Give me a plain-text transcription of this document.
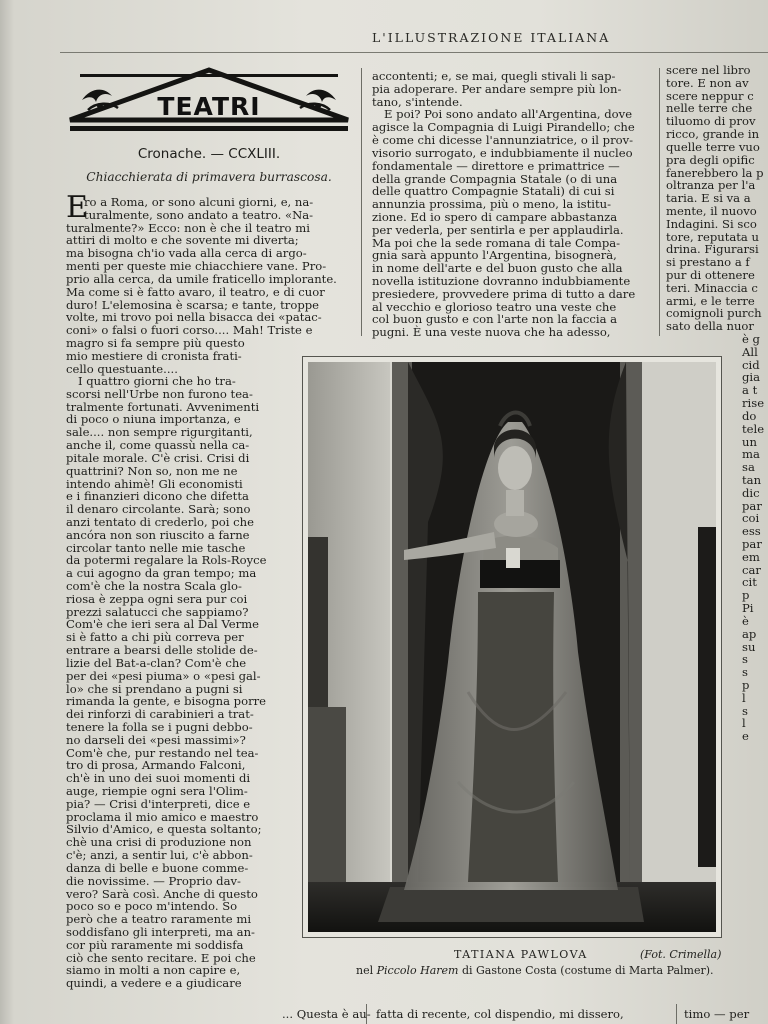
L'ILLUSTRAZIONE ITALIANA
TEATRI
Cronache. — CCXLIII.
Chiacchierata di primavera burrascosa.
E
ro a Roma, or sono alcuni giorni, e, na-
turalmente, sono andato a teatro. «Na-
turalmente?» Ecco: non è che il teatro mi
attiri di molto e che sovente mi diverta;
ma bisogna ch'io vada alla cerca di argo-
menti per queste mie chiacchiere vane. Pro-
prio alla cerca, da umile fraticello implorante.
Ma come si è fatto avaro, il teatro, e di cuor
duro! L'elemosina è scarsa; e tante, troppe
volte, mi trovo poi nella bisacca dei «patac-
coni» o falsi o fuori corso.... Mah! Triste e
magro si fa sempre più questo
mio mestiere di cronista frati-
cello questuante....
I quattro giorni che ho tra-
scorsi nell'Urbe non furono tea-
tralmente fortunati. Avvenimenti
di poco o niuna importanza, e
sale.... non sempre rigurgitanti,
anche il, come quassù nella ca-
pitale morale. C'è crisi. Crisi di
quattrini? Non so, non me ne
intendo ahimè! Gli economisti
e i finanzieri dicono che difetta
il denaro circolante. Sarà; sono
anzi tentato di crederlo, poi che
ancóra non son riuscito a farne
circolar tanto nelle mie tasche
da potermi regalare la Rols-Royce
a cui agogno da gran tempo; ma
com'è che la nostra Scala glo-
riosa è zeppa ogni sera pur coi
prezzi salatucci che sappiamo?
Com'è che ieri sera al Dal Verme
si è fatto a chi più correva per
entrare a bearsi delle stolide de-
lizie del Bat-a-clan? Com'è che
per dei «pesi piuma» o «pesi gal-
lo» che si prendano a pugni si
rimanda la gente, e bisogna porre
dei rinforzi di carabinieri a trat-
tenere la folla se i pugni debbo-
no darseli dei «pesi massimi»?
Com'è che, pur restando nel tea-
tro di prosa, Armando Falconi,
ch'è in uno dei suoi momenti di
auge, riempie ogni sera l'Olim-
pia? — Crisi d'interpreti, dice e
proclama il mio amico e maestro
Silvio d'Amico, e questa soltanto;
chè una crisi di produzione non
c'è; anzi, a sentir lui, c'è abbon-
danza di belle e buone comme-
die novissime. — Proprio dav-
vero? Sarà così. Anche di questo
poco so e poco m'intendo. So
però che a teatro raramente mi
soddisfano gli interpreti, ma an-
cor più raramente mi soddisfa
ciò che sento recitare. E poi che
siamo in molti a non capire e,
quindi, a vedere e a giudicare
... Questa è au-
accontenti; e, se mai, quegli stivali li sap-
pia adoperare. Per andare sempre più lon-
tano, s'intende.
E poi? Poi sono andato all'Argentina, dove
agisce la Compagnia di Luigi Pirandello; che
è come chi dicesse l'annunziatrice, o il prov-
visorio surrogato, e indubbiamente il nucleo
fondamentale — direttore e primattrice —
della grande Compagnia Statale (o di una
delle quattro Compagnie Statali) di cui si
annunzia prossima, più o meno, la istitu-
zione. Ed io spero di campare abbastanza
per vederla, per sentirla e per applaudirla.
Ma poi che la sede romana di tale Compa-
gnia sarà appunto l'Argentina, bisognerà,
in nome dell'arte e del buon gusto che alla
novella istituzione dovranno indubbiamente
presiedere, provvedere prima di tutto a dare
al vecchio e glorioso teatro una veste che
col buon gusto e con l'arte non la faccia a
pugni. È una veste nuova che ha adesso,
fatta di recente, col dispendio, mi dissero,
scere nel libro
tore. E non av
scere neppur c
nelle terre che
tiluomo di prov
ricco, grande in
quelle terre vuo
pra degli opific
fanerebbero la p
oltranza per l'a
taria. E si va a
mente, il nuovo
Indagini. Si sco
tore, reputata u
drina. Figurarsi
si prestano a f
pur di ottenere
teri. Minaccia c
armi, e le terre
comignoli purch
sato della nuor
è g
All
cid
gia
a t
rise
do
tele
un
ma
sa
tan
dic
par
coi
ess
par
em
car
cit
p
Pi
è
ap
su
s
s
p
l
s
l
e
timo — per
TATIANA PAWLOVA	(Fot. Crimella)
nel Piccolo Harem di Gastone Costa (costume di Marta Palmer).
